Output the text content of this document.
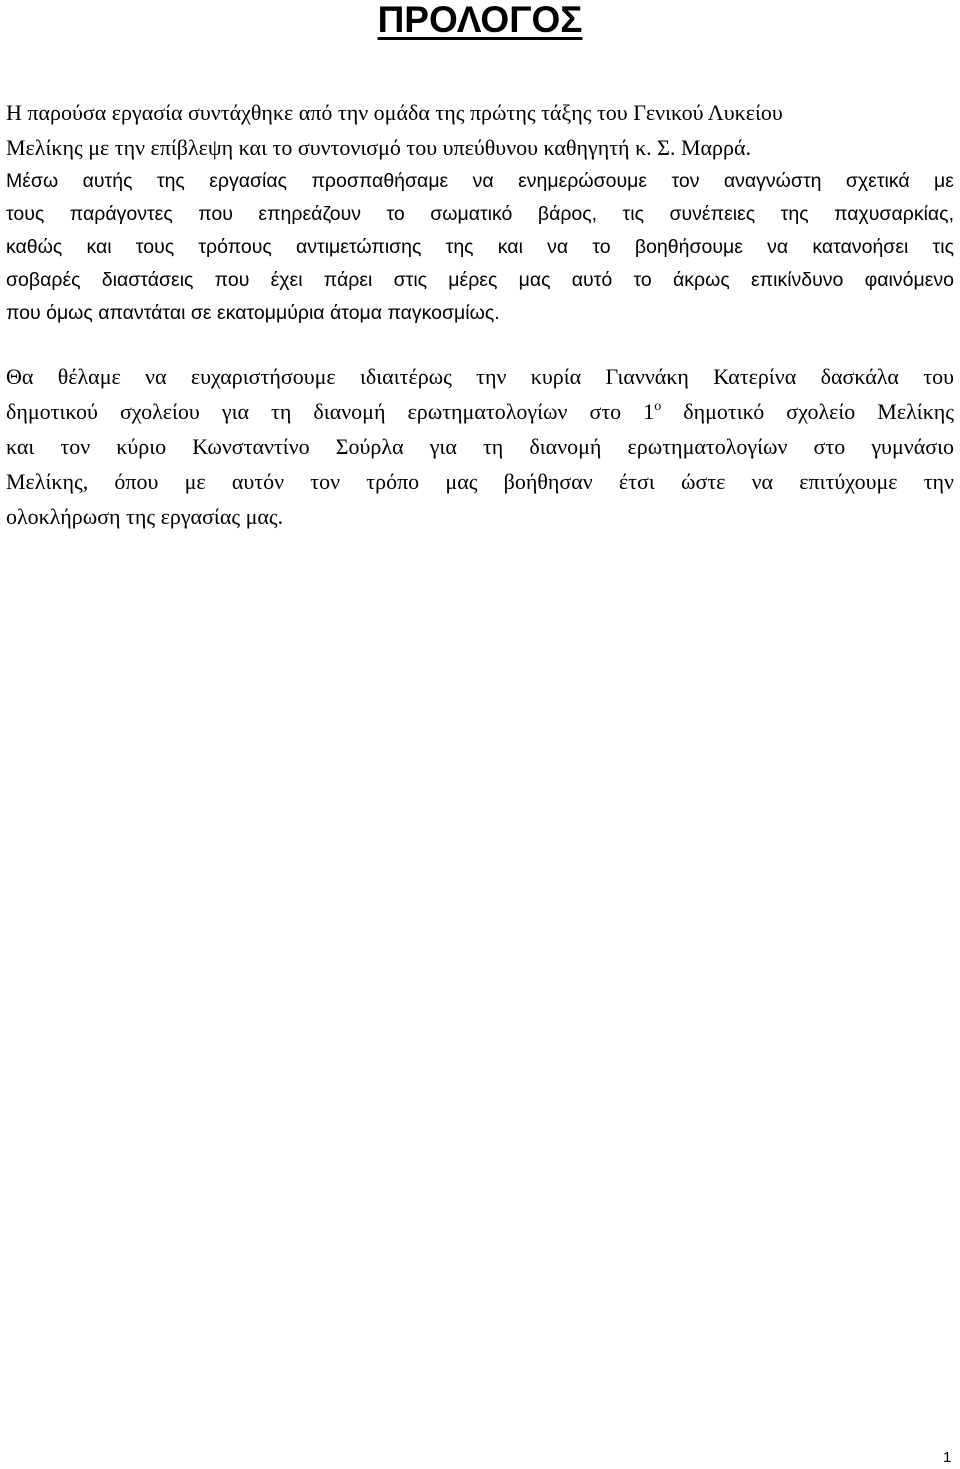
ΠΡΟΛΟΓΟΣ
Η παρούσα εργασία συντάχθηκε από την ομάδα της πρώτης τάξης του Γενικού Λυκείου
Μελίκης με την επίβλεψη και το συντονισμό του υπεύθυνου καθηγητή κ. Σ. Μαρρά.
Μέσω αυτής της εργασίας προσπαθήσαμε να ενημερώσουμε τον αναγνώστη σχετικά με
τους παράγοντες που επηρεάζουν το σωματικό βάρος, τις συνέπειες της παχυσαρκίας,
καθώς και τους τρόπους αντιμετώπισης της και να το βοηθήσουμε να κατανοήσει τις
σοβαρές διαστάσεις που έχει πάρει στις μέρες μας αυτό το άκρως επικίνδυνο φαινόμενο
που όμως απαντάται σε εκατομμύρια άτομα παγκοσμίως.
Θα θέλαμε να ευχαριστήσουμε ιδιαιτέρως την κυρία Γιαννάκη Κατερίνα δασκάλα του
δημοτικού σχολείου για τη διανομή ερωτηματολογίων στο $1^o$ δημοτικό σχολείο Μελίκης
και τον κύριο Κωνσταντίνο Σούρλα για τη διανομή ερωτηματολογίων στο γυμνάσιο
Μελίκης, όπου με αυτόν τον τρόπο μας βοήθησαν έτσι ώστε να επιτύχουμε την
ολοκλήρωση της εργασίας μας.
1
